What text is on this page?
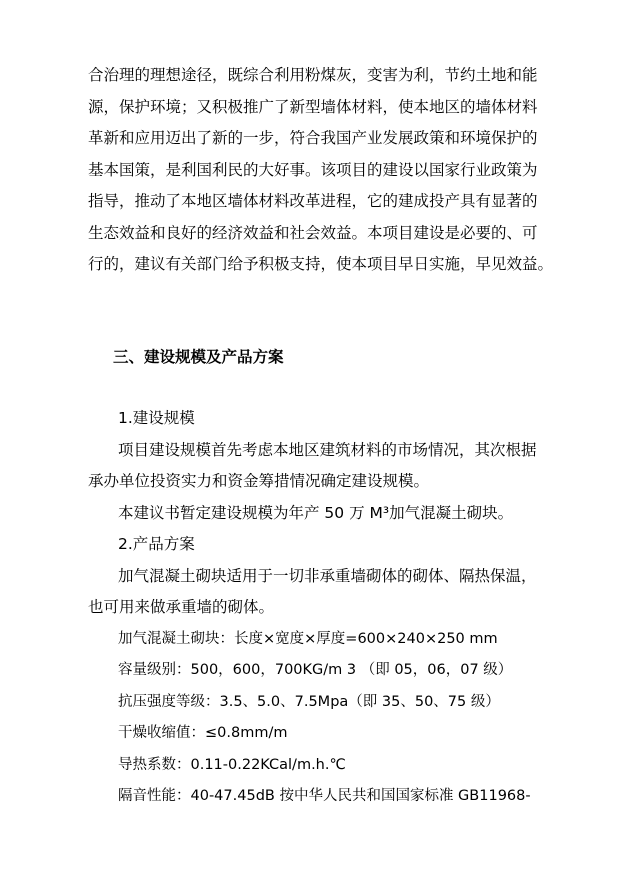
合治理的理想途径，既综合利用粉煤灰，变害为利，节约土地和能
源，保护环境；又积极推广了新型墙体材料，使本地区的墙体材料
革新和应用迈出了新的一步，符合我国产业发展政策和环境保护的
基本国策，是利国利民的大好事。该项目的建设以国家行业政策为
指导，推动了本地区墙体材料改革进程，它的建成投产具有显著的
生态效益和良好的经济效益和社会效益。本项目建设是必要的、可
行的，建议有关部门给予积极支持，使本项目早日实施，早见效益。
三、建设规模及产品方案
1.建设规模
项目建设规模首先考虑本地区建筑材料的市场情况，其次根据
承办单位投资实力和资金筹措情况确定建设规模。
本建议书暂定建设规模为年产 50 万 M³加气混凝土砌块。
2.产品方案
加气混凝土砌块适用于一切非承重墙砌体的砌体、隔热保温，
也可用来做承重墙的砌体。
加气混凝土砌块：长度×宽度×厚度=600×240×250 mm
容量级别：500，600，700KG/m 3 （即 05，06，07 级）
抗压强度等级：3.5、5.0、7.5Mpa（即 35、50、75 级）
干燥收缩值：≤0.8mm/m
导热系数：0.11-0.22KCal/m.h.℃
隔音性能：40-47.45dB 按中华人民共和国国家标准 GB11968-
